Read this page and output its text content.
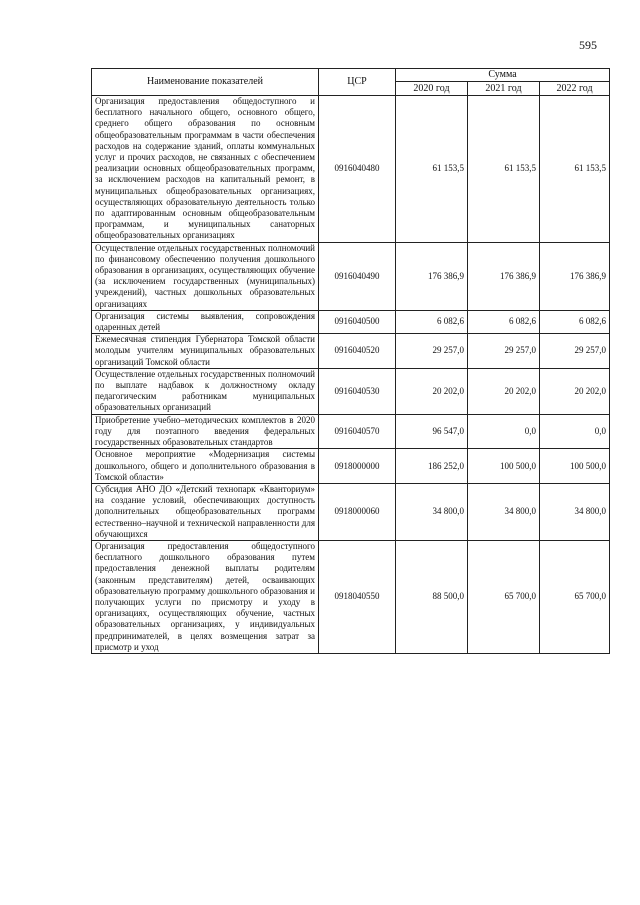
595
Наименование показателей	ЦСР	Сумма		
		2020 год	2021 год	2022 год
Организация предоставления общедоступного и бесплатного начального общего, основного общего, среднего общего образования по основным общеобразовательным программам в части обеспечения расходов на содержание зданий, оплаты коммунальных услуг и прочих расходов, не связанных с обеспечением реализации основных общеобразовательных программ, за исключением расходов на капитальный ремонт, в муниципальных общеобразовательных организациях, осуществляющих образовательную деятельность только по адаптированным основным общеобразовательным программам, и муниципальных санаторных общеобразовательных организациях	0916040480	61 153,5	61 153,5	61 153,5
Осуществление отдельных государственных полномочий по финансовому обеспечению получения дошкольного образования в организациях, осуществляющих обучение (за исключением государственных (муниципальных) учреждений), частных дошкольных образовательных организациях	0916040490	176 386,9	176 386,9	176 386,9
Организация системы выявления, сопровождения одаренных детей	0916040500	6 082,6	6 082,6	6 082,6
Ежемесячная стипендия Губернатора Томской области молодым учителям муниципальных образовательных организаций Томской области	0916040520	29 257,0	29 257,0	29 257,0
Осуществление отдельных государственных полномочий по выплате надбавок к должностному окладу педагогическим работникам муниципальных образовательных организаций	0916040530	20 202,0	20 202,0	20 202,0
Приобретение учебно–методических комплектов в 2020 году для поэтапного введения федеральных государственных образовательных стандартов	0916040570	96 547,0	0,0	0,0
Основное мероприятие «Модернизация системы дошкольного, общего и дополнительного образования в Томской области»	0918000000	186 252,0	100 500,0	100 500,0
Субсидия АНО ДО «Детский технопарк «Кванториум» на создание условий, обеспечивающих доступность дополнительных общеобразовательных программ естественно–научной и технической направленности для обучающихся	0918000060	34 800,0	34 800,0	34 800,0
Организация предоставления общедоступного бесплатного дошкольного образования путем предоставления денежной выплаты родителям (законным представителям) детей, осваивающих образовательную программу дошкольного образования и получающих услуги по присмотру и уходу в организациях, осуществляющих обучение, частных образовательных организациях, у индивидуальных предпринимателей, в целях возмещения затрат за присмотр и уход	0918040550	88 500,0	65 700,0	65 700,0
